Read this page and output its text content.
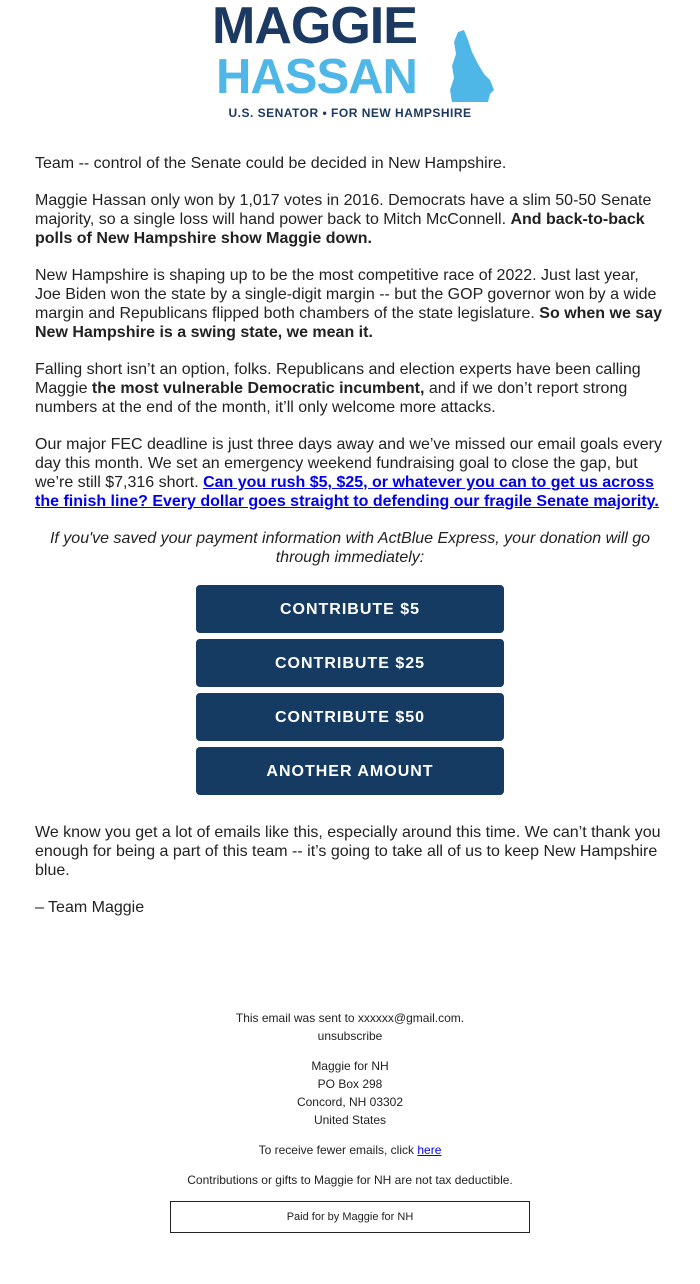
MAGGIE
HASSAN
U.S. SENATOR • FOR NEW HAMPSHIRE

Team -- control of the Senate could be decided in New Hampshire.

Maggie Hassan only won by 1,017 votes in 2016. Democrats have a slim 50-50 Senate majority, so a single loss will hand power back to Mitch McConnell. And back-to-back polls of New Hampshire show Maggie down.

New Hampshire is shaping up to be the most competitive race of 2022. Just last year, Joe Biden won the state by a single-digit margin -- but the GOP governor won by a wide margin and Republicans flipped both chambers of the state legislature. So when we say New Hampshire is a swing state, we mean it.

Falling short isn’t an option, folks. Republicans and election experts have been calling Maggie the most vulnerable Democratic incumbent, and if we don’t report strong numbers at the end of the month, it’ll only welcome more attacks.

Our major FEC deadline is just three days away and we’ve missed our email goals every day this month. We set an emergency weekend fundraising goal to close the gap, but we’re still $7,316 short. Can you rush $5, $25, or whatever you can to get us across the finish line? Every dollar goes straight to defending our fragile Senate majority.

If you've saved your payment information with ActBlue Express, your donation will go through immediately:

CONTRIBUTE $5
CONTRIBUTE $25
CONTRIBUTE $50
ANOTHER AMOUNT

We know you get a lot of emails like this, especially around this time. We can’t thank you enough for being a part of this team -- it’s going to take all of us to keep New Hampshire blue.

– Team Maggie

This email was sent to xxxxxx@gmail.com.
unsubscribe

Maggie for NH
PO Box 298
Concord, NH 03302
United States

To receive fewer emails, click here

Contributions or gifts to Maggie for NH are not tax deductible.

Paid for by Maggie for NH
